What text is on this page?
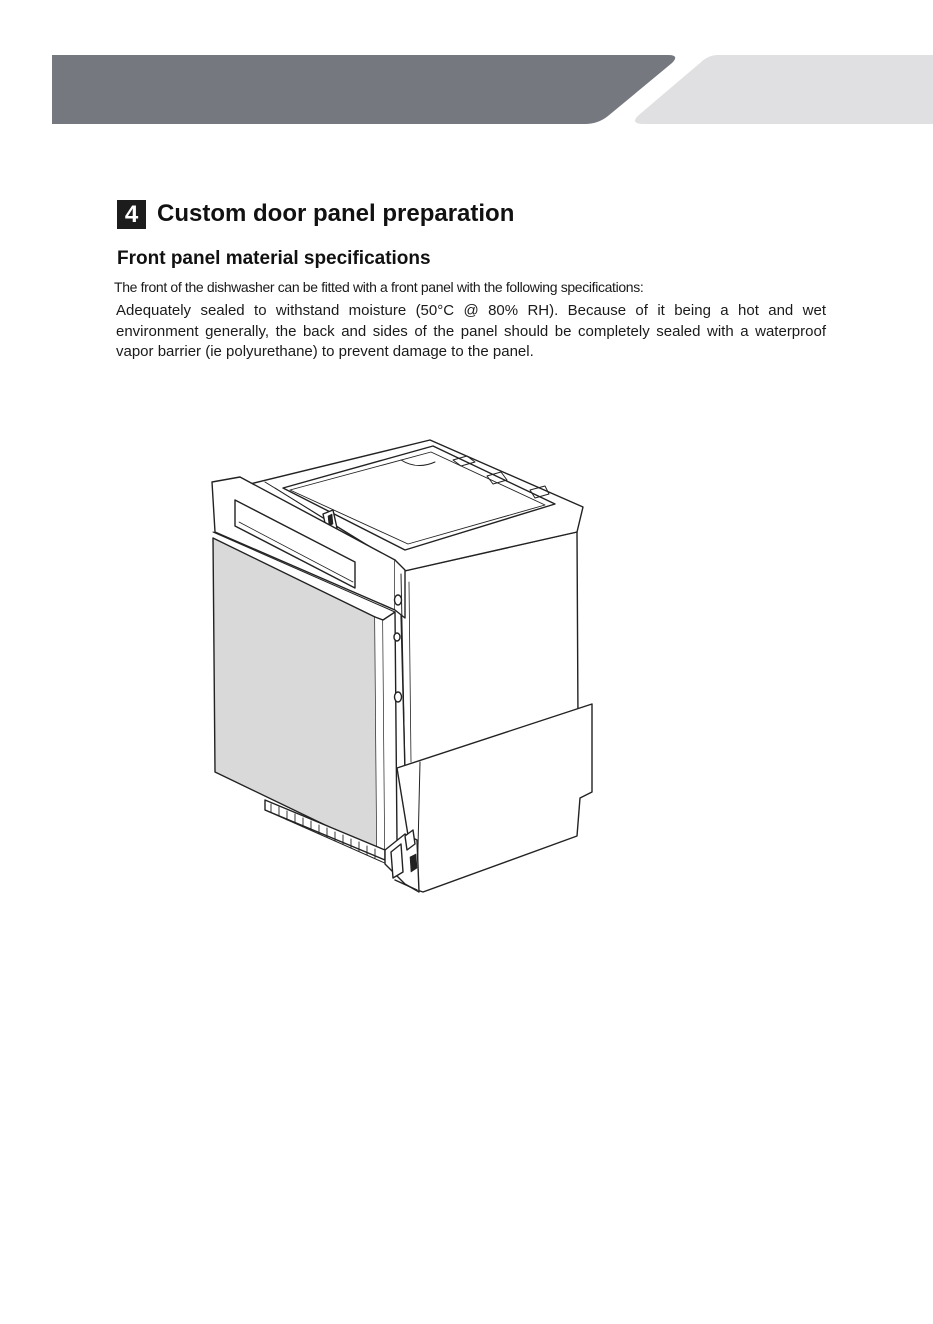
4 Custom door panel preparation
Front panel material specifications
The front of the dishwasher can be fitted with a front panel with the following specifications:
Adequately sealed to withstand moisture (50°C @ 80% RH). Because of it being a hot and wet environment generally, the back and sides of the panel should be completely sealed with a waterproof vapor barrier (ie polyurethane) to prevent damage to the panel.
